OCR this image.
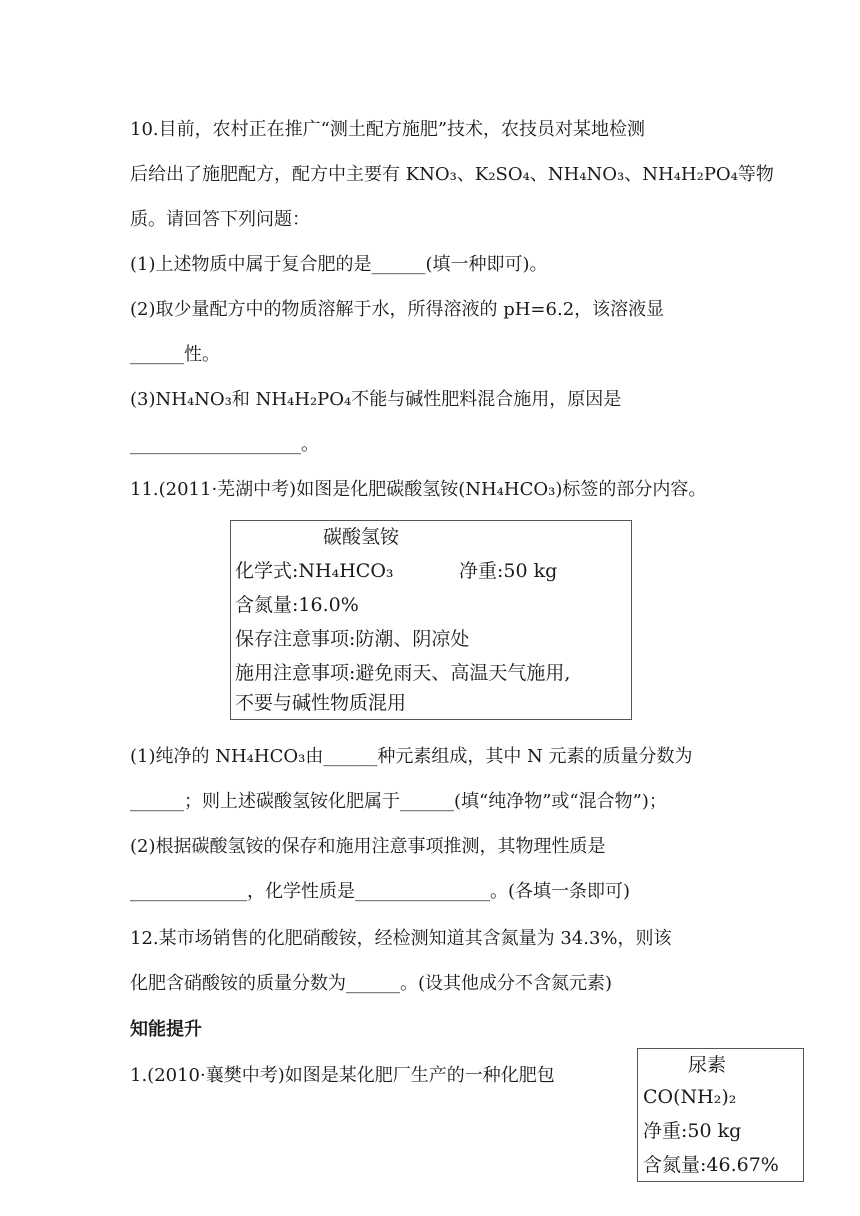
10.目前，农村正在推广“测土配方施肥”技术，农技员对某地检测
后给出了施肥配方，配方中主要有 KNO₃、K₂SO₄、NH₄NO₃、NH₄H₂PO₄等物
质。请回答下列问题：
(1)上述物质中属于复合肥的是______(填一种即可)。
(2)取少量配方中的物质溶解于水，所得溶液的 pH=6.2，该溶液显
______性。
(3)NH₄NO₃和 NH₄H₂PO₄不能与碱性肥料混合施用，原因是
___________________。
11.(2011·芜湖中考)如图是化肥碳酸氢铵(NH₄HCO₃)标签的部分内容。
碳酸氢铵
化学式:NH₄HCO₃	净重:50 kg
含氮量:16.0%
保存注意事项:防潮、阴凉处
施用注意事项:避免雨天、高温天气施用,
不要与碱性物质混用
(1)纯净的 NH₄HCO₃由______种元素组成，其中 N 元素的质量分数为
______；则上述碳酸氢铵化肥属于______(填“纯净物”或“混合物”)；
(2)根据碳酸氢铵的保存和施用注意事项推测，其物理性质是
_____________，化学性质是_______________。(各填一条即可)
12.某市场销售的化肥硝酸铵，经检测知道其含氮量为 34.3%，则该
化肥含硝酸铵的质量分数为______。(设其他成分不含氮元素)
知能提升
1.(2010·襄樊中考)如图是某化肥厂生产的一种化肥包	尿素
CO(NH₂)₂
净重:50 kg
含氮量:46.67%
